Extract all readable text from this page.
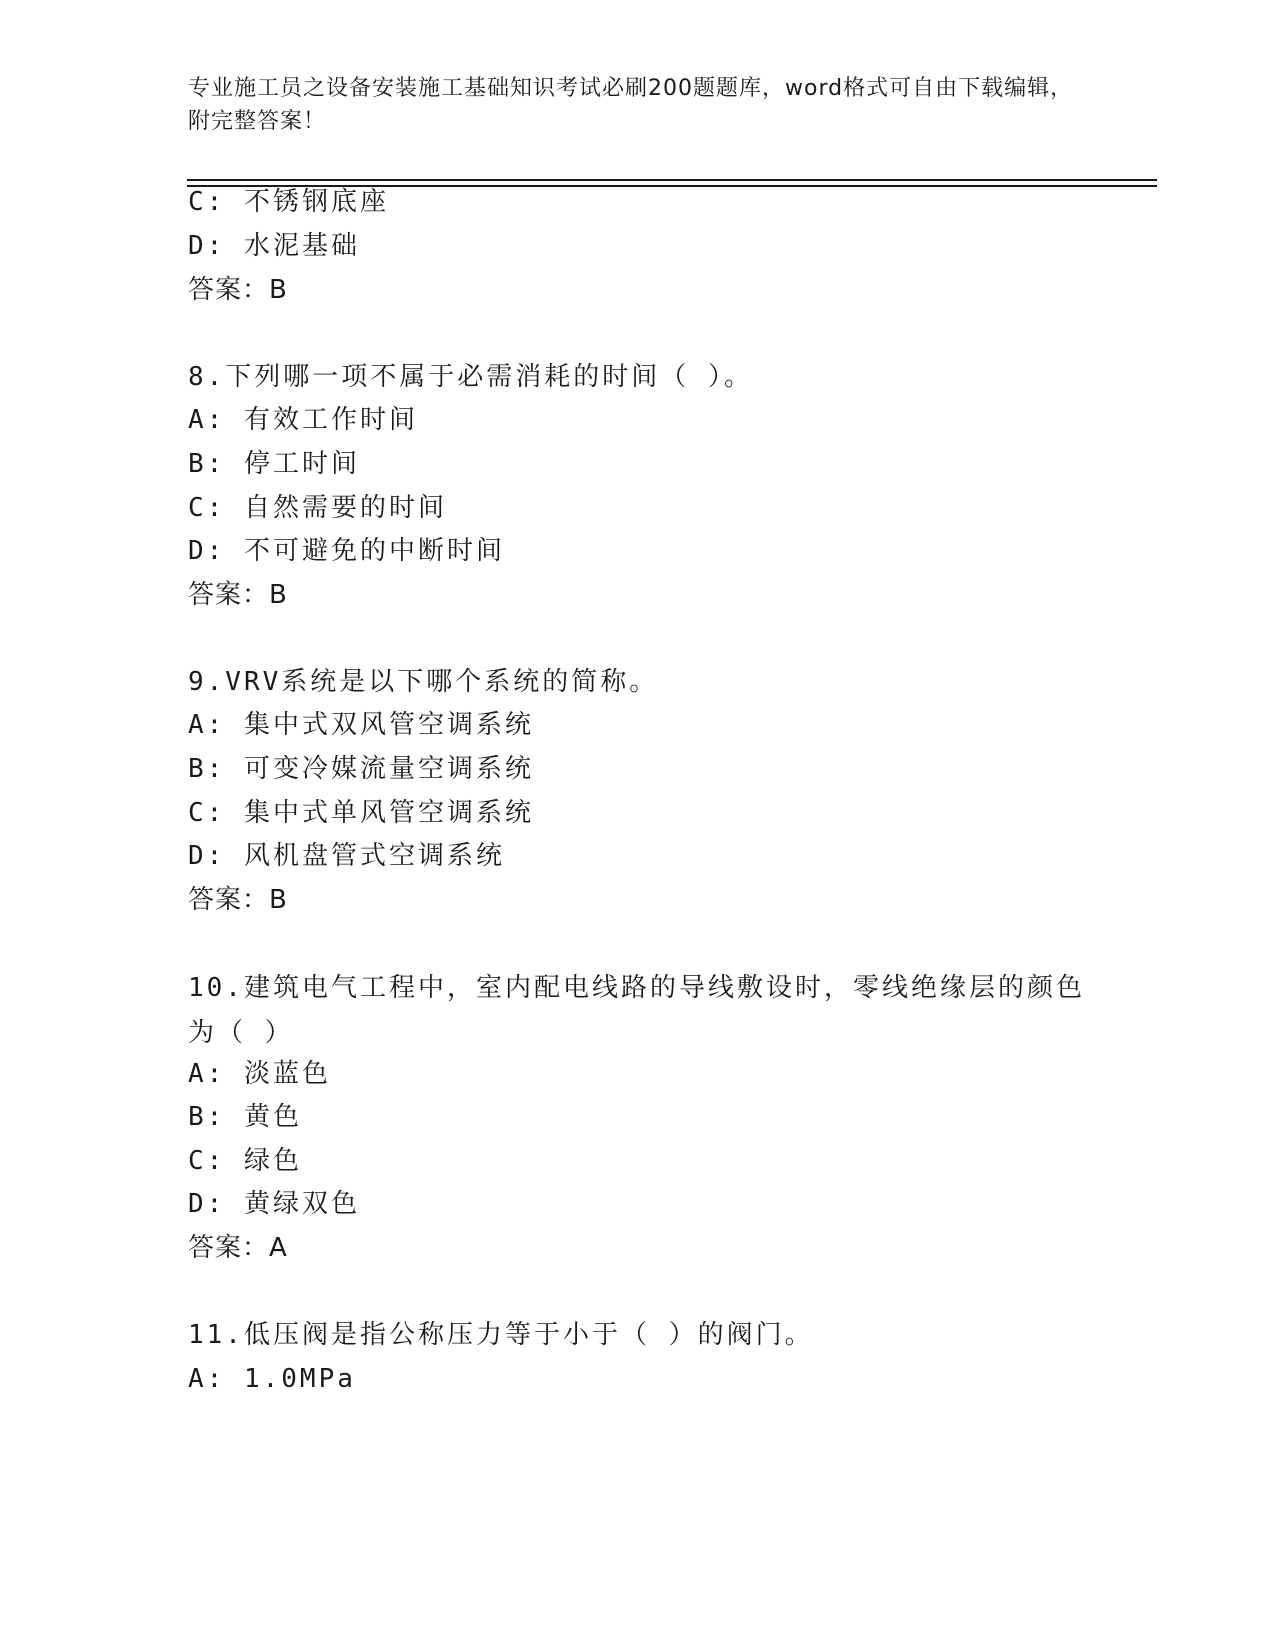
专业施工员之设备安装施工基础知识考试必刷200题题库，word格式可自由下载编辑，附完整答案！
C: 不锈钢底座
D: 水泥基础
答案：B
8.下列哪一项不属于必需消耗的时间（ ）。
A: 有效工作时间
B: 停工时间
C: 自然需要的时间
D: 不可避免的中断时间
答案：B
9.VRV系统是以下哪个系统的简称。
A: 集中式双风管空调系统
B: 可变冷媒流量空调系统
C: 集中式单风管空调系统
D: 风机盘管式空调系统
答案：B
10.建筑电气工程中，室内配电线路的导线敷设时，零线绝缘层的颜色为（ ）
A: 淡蓝色
B: 黄色
C: 绿色
D: 黄绿双色
答案：A
11.低压阀是指公称压力等于小于（ ）的阀门。
A: 1.0MPa
